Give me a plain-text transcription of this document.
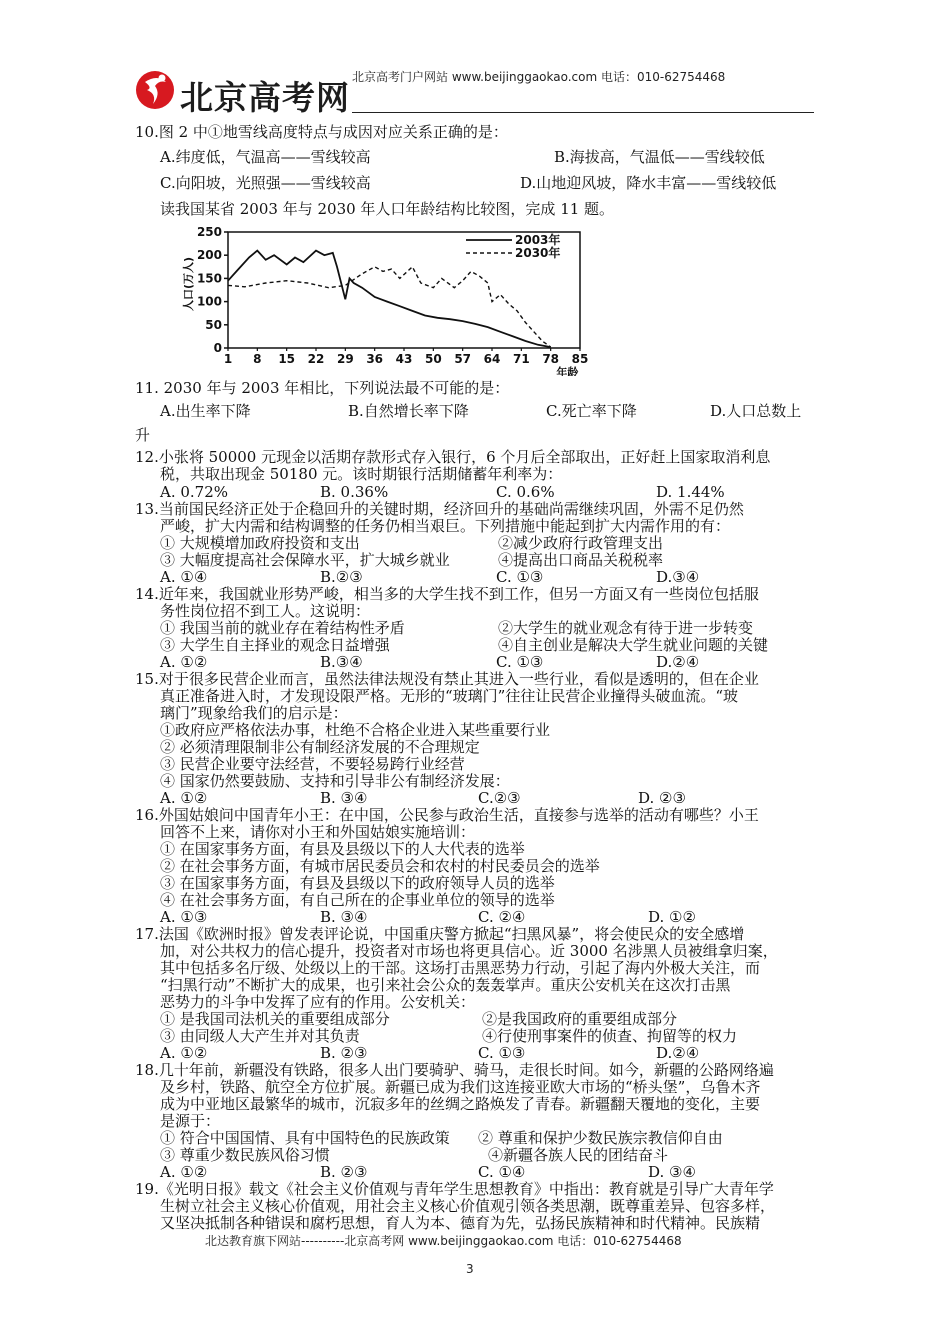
北京高考网
北京高考门户网站 www.beijinggaokao.com 电话：010-62754468
10.图 2 中①地雪线高度特点与成因对应关系正确的是：
A.纬度低，气温高——雪线较高	B.海拔高，气温低——雪线较低
C.向阳坡，光照强——雪线较高	D.山地迎风坡，降水丰富——雪线较低
读我国某省 2003 年与 2030 年人口年龄结构比较图，完成 11 题。
11. 2030 年与 2003 年相比，下列说法最不可能的是：
A.出生率下降	B.自然增长率下降	C.死亡率下降	D.人口总数上
升
12.小张将 50000 元现金以活期存款形式存入银行，6 个月后全部取出，正好赶上国家取消利息
税，共取出现金 50180 元。该时期银行活期储蓄年利率为：
A. 0.72%	B. 0.36%	C. 0.6%	D. 1.44%
13.当前国民经济正处于企稳回升的关键时期，经济回升的基础尚需继续巩固，外需不足仍然
严峻，扩大内需和结构调整的任务仍相当艰巨。下列措施中能起到扩大内需作用的有：
① 大规模增加政府投资和支出	②减少政府行政管理支出
③ 大幅度提高社会保障水平，扩大城乡就业	④提高出口商品关税税率
A. ①④	B.②③	C. ①③	D.③④
14.近年来，我国就业形势严峻，相当多的大学生找不到工作，但另一方面又有一些岗位包括服
务性岗位招不到工人。这说明：
① 我国当前的就业存在着结构性矛盾	②大学生的就业观念有待于进一步转变
③ 大学生自主择业的观念日益增强	④自主创业是解决大学生就业问题的关键
A. ①②	B.③④	C. ①③	D.②④
15.对于很多民营企业而言，虽然法律法规没有禁止其进入一些行业，看似是透明的，但在企业
真正准备进入时，才发现设限严格。无形的“玻璃门”往往让民营企业撞得头破血流。“玻
璃门”现象给我们的启示是：
①政府应严格依法办事，杜绝不合格企业进入某些重要行业
② 必须清理限制非公有制经济发展的不合理规定
③ 民营企业要守法经营，不要轻易跨行业经营
④ 国家仍然要鼓励、支持和引导非公有制经济发展：
A. ①②	B. ③④	C.②③	D. ②③
16.外国姑娘问中国青年小王：在中国，公民参与政治生活，直接参与选举的活动有哪些？小王
回答不上来，请你对小王和外国姑娘实施培训：
① 在国家事务方面，有县及县级以下的人大代表的选举
② 在社会事务方面，有城市居民委员会和农村的村民委员会的选举
③ 在国家事务方面，有县及县级以下的政府领导人员的选举
④ 在社会事务方面，有自己所在的企事业单位的领导的选举
A. ①③	B. ③④	C. ②④	D. ①②
17.法国《欧洲时报》曾发表评论说，中国重庆警方掀起“扫黑风暴”，将会使民众的安全感增
加，对公共权力的信心提升，投资者对市场也将更具信心。近 3000 名涉黑人员被缉拿归案，
其中包括多名厅级、处级以上的干部。这场打击黑恶势力行动，引起了海内外极大关注，而
“扫黑行动”不断扩大的成果，也引来社会公众的轰轰掌声。重庆公安机关在这次打击黑
恶势力的斗争中发挥了应有的作用。公安机关：
① 是我国司法机关的重要组成部分	②是我国政府的重要组成部分
③ 由同级人大产生并对其负责	④行使刑事案件的侦查、拘留等的权力
A. ①②	B. ②③	C. ①③	D.②④
18.几十年前，新疆没有铁路，很多人出门要骑驴、骑马，走很长时间。如今，新疆的公路网络遍
及乡村，铁路、航空全方位扩展。新疆已成为我们这连接亚欧大市场的“桥头堡”，乌鲁木齐
成为中亚地区最繁华的城市，沉寂多年的丝绸之路焕发了青春。新疆翻天覆地的变化，主要
是源于：
① 符合中国国情、具有中国特色的民族政策 ② 尊重和保护少数民族宗教信仰自由
③ 尊重少数民族风俗习惯	④新疆各族人民的团结奋斗
A. ①②	B. ②③	C. ①④	D. ③④
19.《光明日报》载文《社会主义价值观与青年学生思想教育》中指出：教育就是引导广大青年学
生树立社会主义核心价值观，用社会主义核心价值观引领各类思潮，既尊重差异、包容多样，
又坚决抵制各种错误和腐朽思想，育人为本、德育为先，弘扬民族精神和时代精神。民族精
0
50
100
150
200
250
1 8 15 22 29 36 43 50 57 64 71 78 85
年龄
人口(万人)
2003年
2030年
北达教育旗下网站----------北京高考网 www.beijinggaokao.com 电话：010-62754468
3
